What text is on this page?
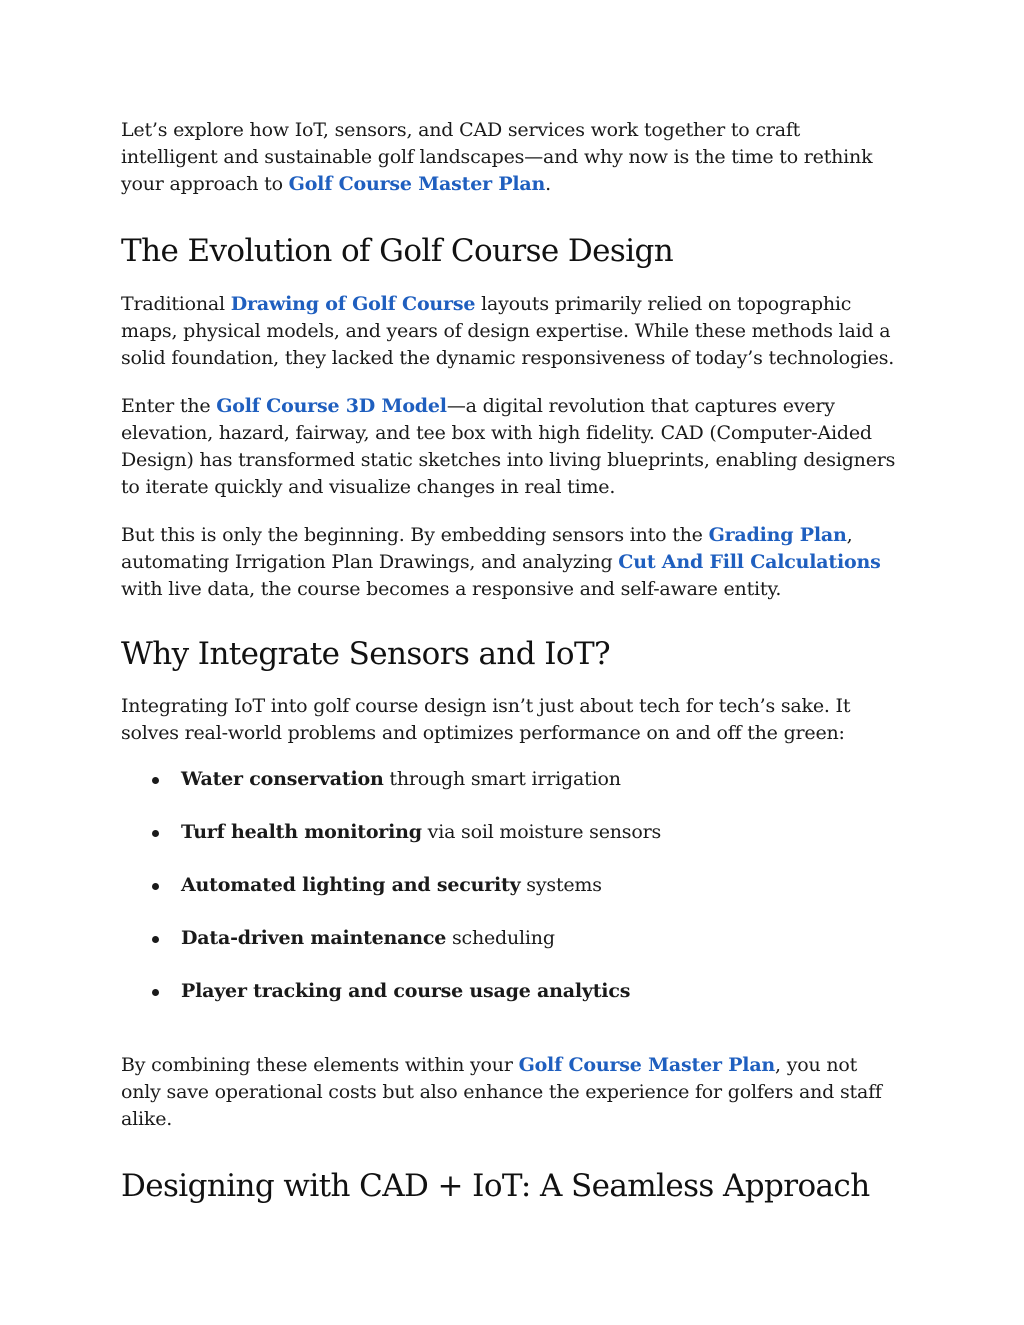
Let’s explore how IoT, sensors, and CAD services work together to craft intelligent and sustainable golf landscapes—and why now is the time to rethink your approach to Golf Course Master Plan.

The Evolution of Golf Course Design

Traditional Drawing of Golf Course layouts primarily relied on topographic maps, physical models, and years of design expertise. While these methods laid a solid foundation, they lacked the dynamic responsiveness of today’s technologies.

Enter the Golf Course 3D Model—a digital revolution that captures every elevation, hazard, fairway, and tee box with high fidelity. CAD (Computer-Aided Design) has transformed static sketches into living blueprints, enabling designers to iterate quickly and visualize changes in real time.

But this is only the beginning. By embedding sensors into the Grading Plan, automating Irrigation Plan Drawings, and analyzing Cut And Fill Calculations with live data, the course becomes a responsive and self-aware entity.

Why Integrate Sensors and IoT?

Integrating IoT into golf course design isn’t just about tech for tech’s sake. It solves real-world problems and optimizes performance on and off the green:

Water conservation through smart irrigation
Turf health monitoring via soil moisture sensors
Automated lighting and security systems
Data-driven maintenance scheduling
Player tracking and course usage analytics

By combining these elements within your Golf Course Master Plan, you not only save operational costs but also enhance the experience for golfers and staff alike.

Designing with CAD + IoT: A Seamless Approach
